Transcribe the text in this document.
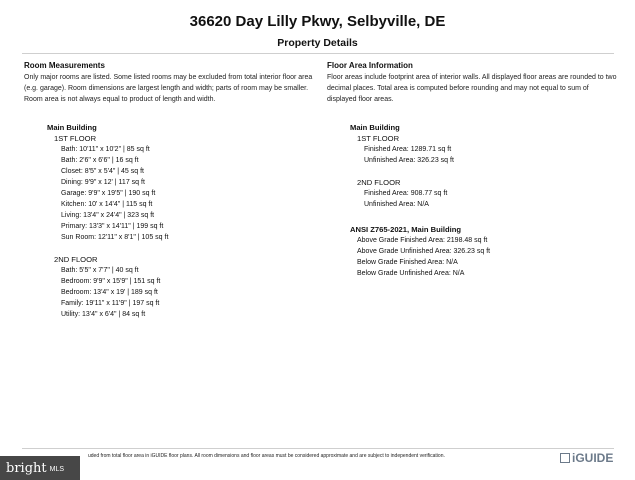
36620 Day Lilly Pkwy, Selbyville, DE
Property Details
Room Measurements
Only major rooms are listed. Some listed rooms may be excluded from total interior floor area (e.g. garage). Room dimensions are largest length and width; parts of room may be smaller. Room area is not always equal to product of length and width.
Main Building
1ST FLOOR
Bath: 10'11" x 10'2" | 85 sq ft
Bath: 2'6" x 6'6" | 16 sq ft
Closet: 8'5" x 5'4" | 45 sq ft
Dining: 9'9" x 12' | 117 sq ft
Garage: 9'9" x 19'5" | 190 sq ft
Kitchen: 10' x 14'4" | 115 sq ft
Living: 13'4" x 24'4" | 323 sq ft
Primary: 13'3" x 14'11" | 199 sq ft
Sun Room: 12'11" x 8'1" | 105 sq ft
2ND FLOOR
Bath: 5'5" x 7'7" | 40 sq ft
Bedroom: 9'9" x 15'9" | 151 sq ft
Bedroom: 13'4" x 19' | 189 sq ft
Family: 19'11" x 11'9" | 197 sq ft
Utility: 13'4" x 6'4" | 84 sq ft
Floor Area Information
Floor areas include footprint area of interior walls. All displayed floor areas are rounded to two decimal places. Total area is computed before rounding and may not equal to sum of displayed floor areas.
Main Building
1ST FLOOR
Finished Area: 1289.71 sq ft
Unfinished Area: 326.23 sq ft
2ND FLOOR
Finished Area: 908.77 sq ft
Unfinished Area: N/A
ANSI Z765-2021, Main Building
Above Grade Finished Area: 2198.48 sq ft
Above Grade Unfinished Area: 326.23 sq ft
Below Grade Finished Area: N/A
Below Grade Unfinished Area: N/A
uded from total floor area in iGUIDE floor plans. All room dimensions and floor areas must be considered approximate and are subject to independent verification.	iGUIDE
bright MLS
